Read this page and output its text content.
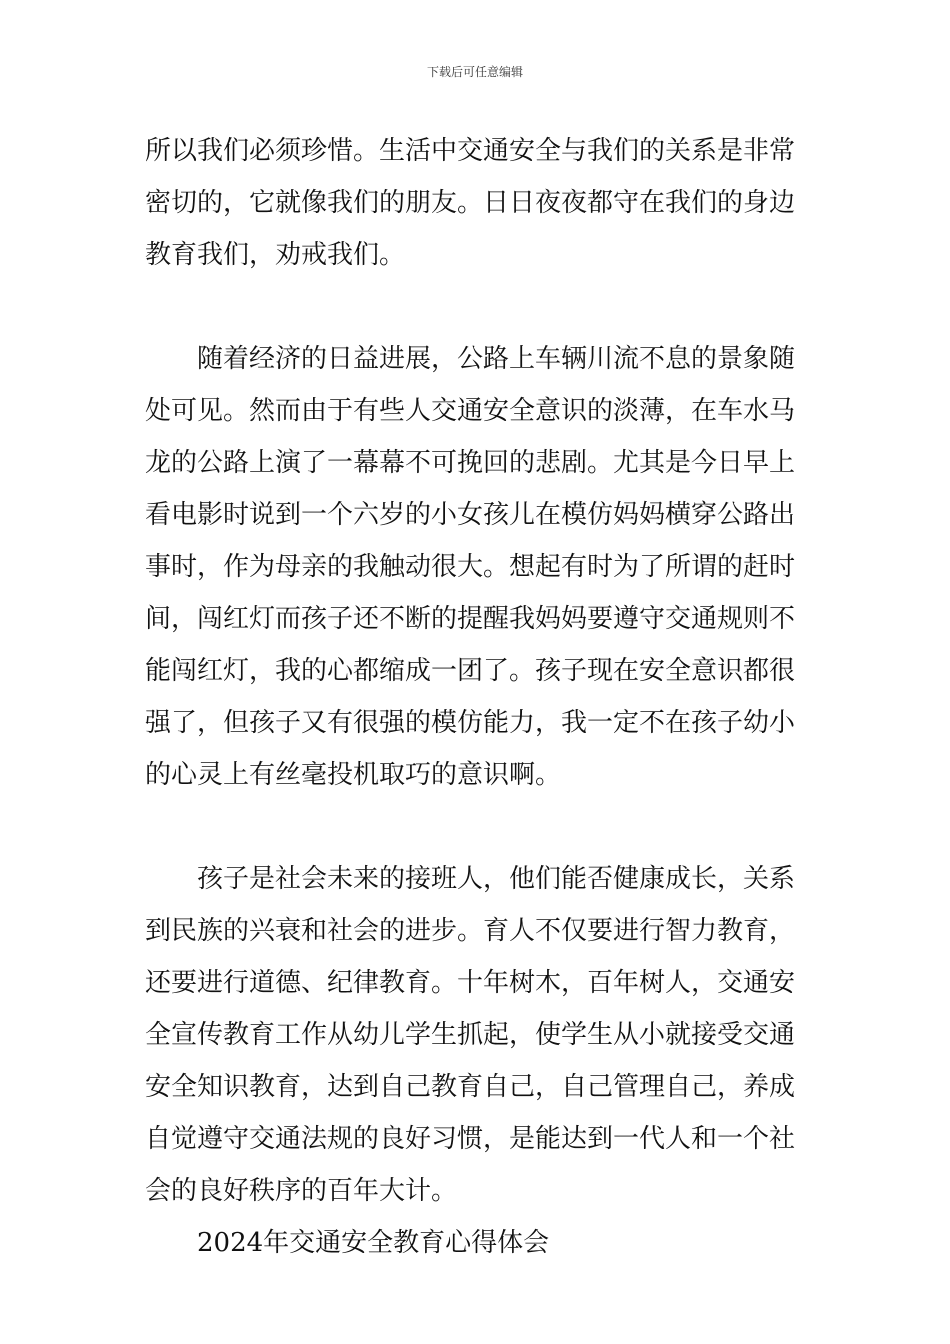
下载后可任意编辑
所以我们必须珍惜。生活中交通安全与我们的关系是非常
密切的，它就像我们的朋友。日日夜夜都守在我们的身边
教育我们，劝戒我们。
随着经济的日益进展，公路上车辆川流不息的景象随
处可见。然而由于有些人交通安全意识的淡薄，在车水马
龙的公路上演了一幕幕不可挽回的悲剧。尤其是今日早上
看电影时说到一个六岁的小女孩儿在模仿妈妈横穿公路出
事时，作为母亲的我触动很大。想起有时为了所谓的赶时
间，闯红灯而孩子还不断的提醒我妈妈要遵守交通规则不
能闯红灯，我的心都缩成一团了。孩子现在安全意识都很
强了，但孩子又有很强的模仿能力，我一定不在孩子幼小
的心灵上有丝毫投机取巧的意识啊。
孩子是社会未来的接班人，他们能否健康成长，关系
到民族的兴衰和社会的进步。育人不仅要进行智力教育，
还要进行道德、纪律教育。十年树木，百年树人，交通安
全宣传教育工作从幼儿学生抓起，使学生从小就接受交通
安全知识教育，达到自己教育自己，自己管理自己，养成
自觉遵守交通法规的良好习惯，是能达到一代人和一个社
会的良好秩序的百年大计。
2024年交通安全教育心得体会
